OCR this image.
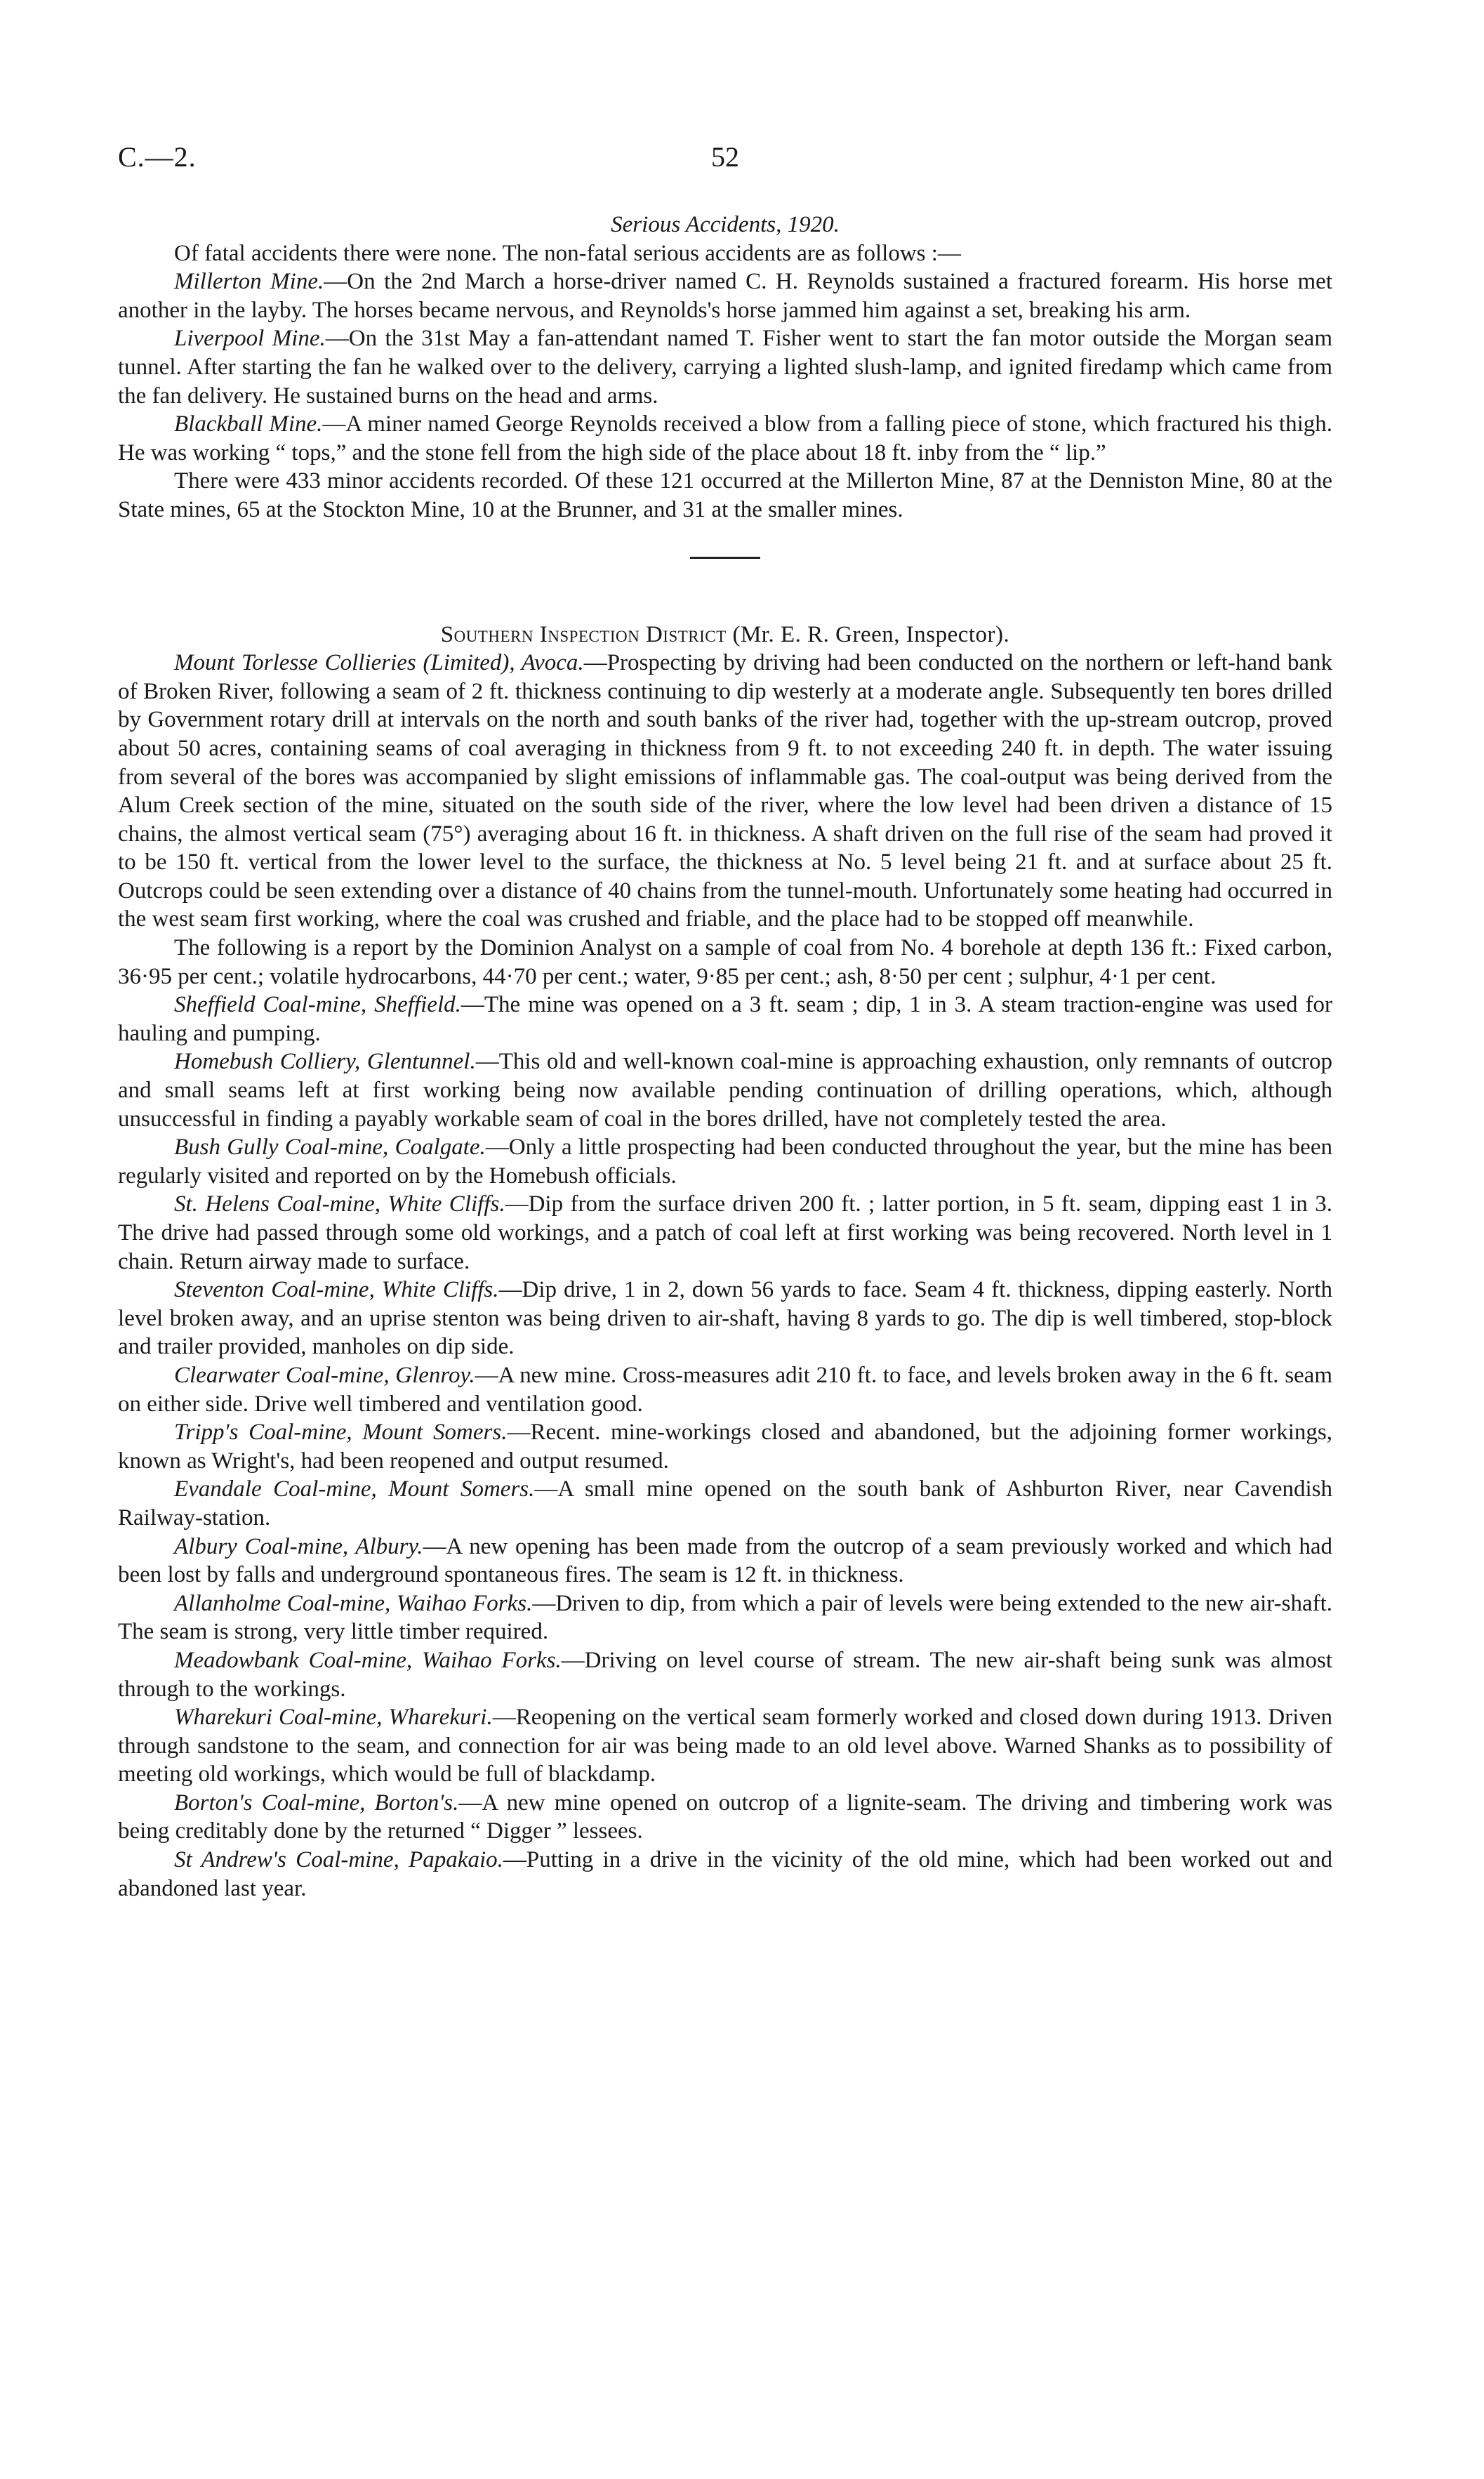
C.—2.	52

Serious Accidents, 1920.

Of fatal accidents there were none. The non-fatal serious accidents are as follows :—

Millerton Mine.—On the 2nd March a horse-driver named C. H. Reynolds sustained a fractured forearm. His horse met another in the layby. The horses became nervous, and Reynolds's horse jammed him against a set, breaking his arm.

Liverpool Mine.—On the 31st May a fan-attendant named T. Fisher went to start the fan motor outside the Morgan seam tunnel. After starting the fan he walked over to the delivery, carrying a lighted slush-lamp, and ignited firedamp which came from the fan delivery. He sustained burns on the head and arms.

Blackball Mine.—A miner named George Reynolds received a blow from a falling piece of stone, which fractured his thigh. He was working “ tops,” and the stone fell from the high side of the place about 18 ft. inby from the “ lip.”

There were 433 minor accidents recorded. Of these 121 occurred at the Millerton Mine, 87 at the Denniston Mine, 80 at the State mines, 65 at the Stockton Mine, 10 at the Brunner, and 31 at the smaller mines.

Southern Inspection District (Mr. E. R. Green, Inspector).

Mount Torlesse Collieries (Limited), Avoca.—Prospecting by driving had been conducted on the northern or left-hand bank of Broken River, following a seam of 2 ft. thickness continuing to dip westerly at a moderate angle. Subsequently ten bores drilled by Government rotary drill at intervals on the north and south banks of the river had, together with the up-stream outcrop, proved about 50 acres, containing seams of coal averaging in thickness from 9 ft. to not exceeding 240 ft. in depth. The water issuing from several of the bores was accompanied by slight emissions of inflammable gas. The coal-output was being derived from the Alum Creek section of the mine, situated on the south side of the river, where the low level had been driven a distance of 15 chains, the almost vertical seam (75°) averaging about 16 ft. in thickness. A shaft driven on the full rise of the seam had proved it to be 150 ft. vertical from the lower level to the surface, the thickness at No. 5 level being 21 ft. and at surface about 25 ft. Outcrops could be seen extending over a distance of 40 chains from the tunnel-mouth. Unfortunately some heating had occurred in the west seam first working, where the coal was crushed and friable, and the place had to be stopped off meanwhile.

The following is a report by the Dominion Analyst on a sample of coal from No. 4 borehole at depth 136 ft.: Fixed carbon, 36·95 per cent.; volatile hydrocarbons, 44·70 per cent.; water, 9·85 per cent.; ash, 8·50 per cent ; sulphur, 4·1 per cent.

Sheffield Coal-mine, Sheffield.—The mine was opened on a 3 ft. seam ; dip, 1 in 3. A steam traction-engine was used for hauling and pumping.

Homebush Colliery, Glentunnel.—This old and well-known coal-mine is approaching exhaustion, only remnants of outcrop and small seams left at first working being now available pending continuation of drilling operations, which, although unsuccessful in finding a payably workable seam of coal in the bores drilled, have not completely tested the area.

Bush Gully Coal-mine, Coalgate.—Only a little prospecting had been conducted throughout the year, but the mine has been regularly visited and reported on by the Homebush officials.

St. Helens Coal-mine, White Cliffs.—Dip from the surface driven 200 ft. ; latter portion, in 5 ft. seam, dipping east 1 in 3. The drive had passed through some old workings, and a patch of coal left at first working was being recovered. North level in 1 chain. Return airway made to surface.

Steventon Coal-mine, White Cliffs.—Dip drive, 1 in 2, down 56 yards to face. Seam 4 ft. thickness, dipping easterly. North level broken away, and an uprise stenton was being driven to air-shaft, having 8 yards to go. The dip is well timbered, stop-block and trailer provided, manholes on dip side.

Clearwater Coal-mine, Glenroy.—A new mine. Cross-measures adit 210 ft. to face, and levels broken away in the 6 ft. seam on either side. Drive well timbered and ventilation good.

Tripp's Coal-mine, Mount Somers.—Recent. mine-workings closed and abandoned, but the adjoining former workings, known as Wright's, had been reopened and output resumed.

Evandale Coal-mine, Mount Somers.—A small mine opened on the south bank of Ashburton River, near Cavendish Railway-station.

Albury Coal-mine, Albury.—A new opening has been made from the outcrop of a seam previously worked and which had been lost by falls and underground spontaneous fires. The seam is 12 ft. in thickness.

Allanholme Coal-mine, Waihao Forks.—Driven to dip, from which a pair of levels were being extended to the new air-shaft. The seam is strong, very little timber required.

Meadowbank Coal-mine, Waihao Forks.—Driving on level course of stream. The new air-shaft being sunk was almost through to the workings.

Wharekuri Coal-mine, Wharekuri.—Reopening on the vertical seam formerly worked and closed down during 1913. Driven through sandstone to the seam, and connection for air was being made to an old level above. Warned Shanks as to possibility of meeting old workings, which would be full of blackdamp.

Borton's Coal-mine, Borton's.—A new mine opened on outcrop of a lignite-seam. The driving and timbering work was being creditably done by the returned “ Digger ” lessees.

St Andrew's Coal-mine, Papakaio.—Putting in a drive in the vicinity of the old mine, which had been worked out and abandoned last year.
